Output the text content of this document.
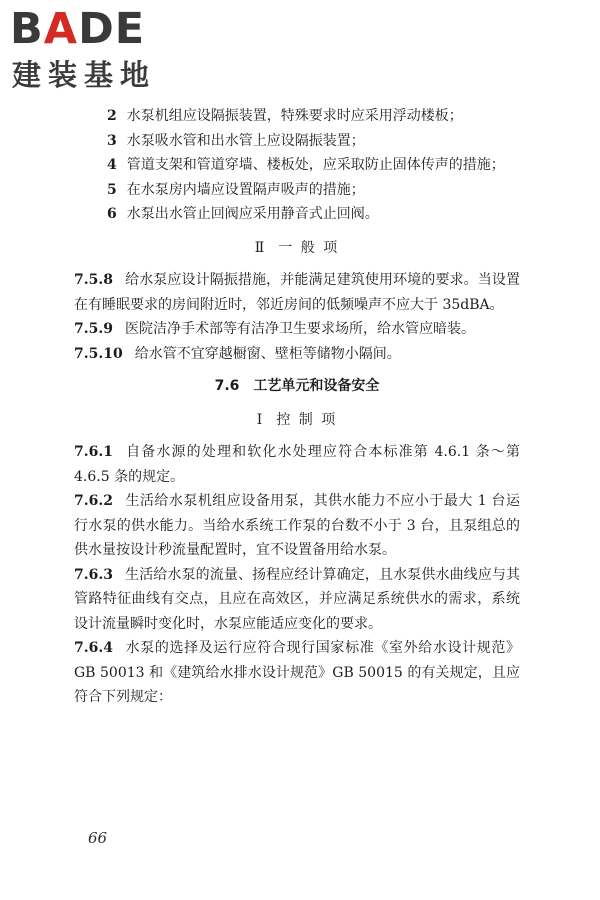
BADE
建装基地

2 水泵机组应设隔振装置，特殊要求时应采用浮动楼板；

3 水泵吸水管和出水管上应设隔振装置；

4 管道支架和管道穿墙、楼板处，应采取防止固体传声的措施；

5 在水泵房内墙应设置隔声吸声的措施；

6 水泵出水管止回阀应采用静音式止回阀。

Ⅱ一 般 项

7.5.8 给水泵应设计隔振措施，并能满足建筑使用环境的要求。当设置在有睡眠要求的房间附近时，邻近房间的低频噪声不应大于 35dBA。

7.5.9 医院洁净手术部等有洁净卫生要求场所，给水管应暗装。

7.5.10 给水管不宜穿越橱窗、壁柜等储物小隔间。

7.6 工艺单元和设备安全

Ⅰ控 制 项

7.6.1 自备水源的处理和软化水处理应符合本标准第 4.6.1 条～第 4.6.5 条的规定。

7.6.2 生活给水泵机组应设备用泵，其供水能力不应小于最大 1 台运行水泵的供水能力。当给水系统工作泵的台数不小于 3 台，且泵组总的供水量按设计秒流量配置时，宜不设置备用给水泵。

7.6.3 生活给水泵的流量、扬程应经计算确定，且水泵供水曲线应与其管路特征曲线有交点，且应在高效区，并应满足系统供水的需求，系统设计流量瞬时变化时，水泵应能适应变化的要求。

7.6.4 水泵的选择及运行应符合现行国家标准《室外给水设计规范》GB 50013 和《建筑给水排水设计规范》GB 50015 的有关规定，且应符合下列规定：

66
